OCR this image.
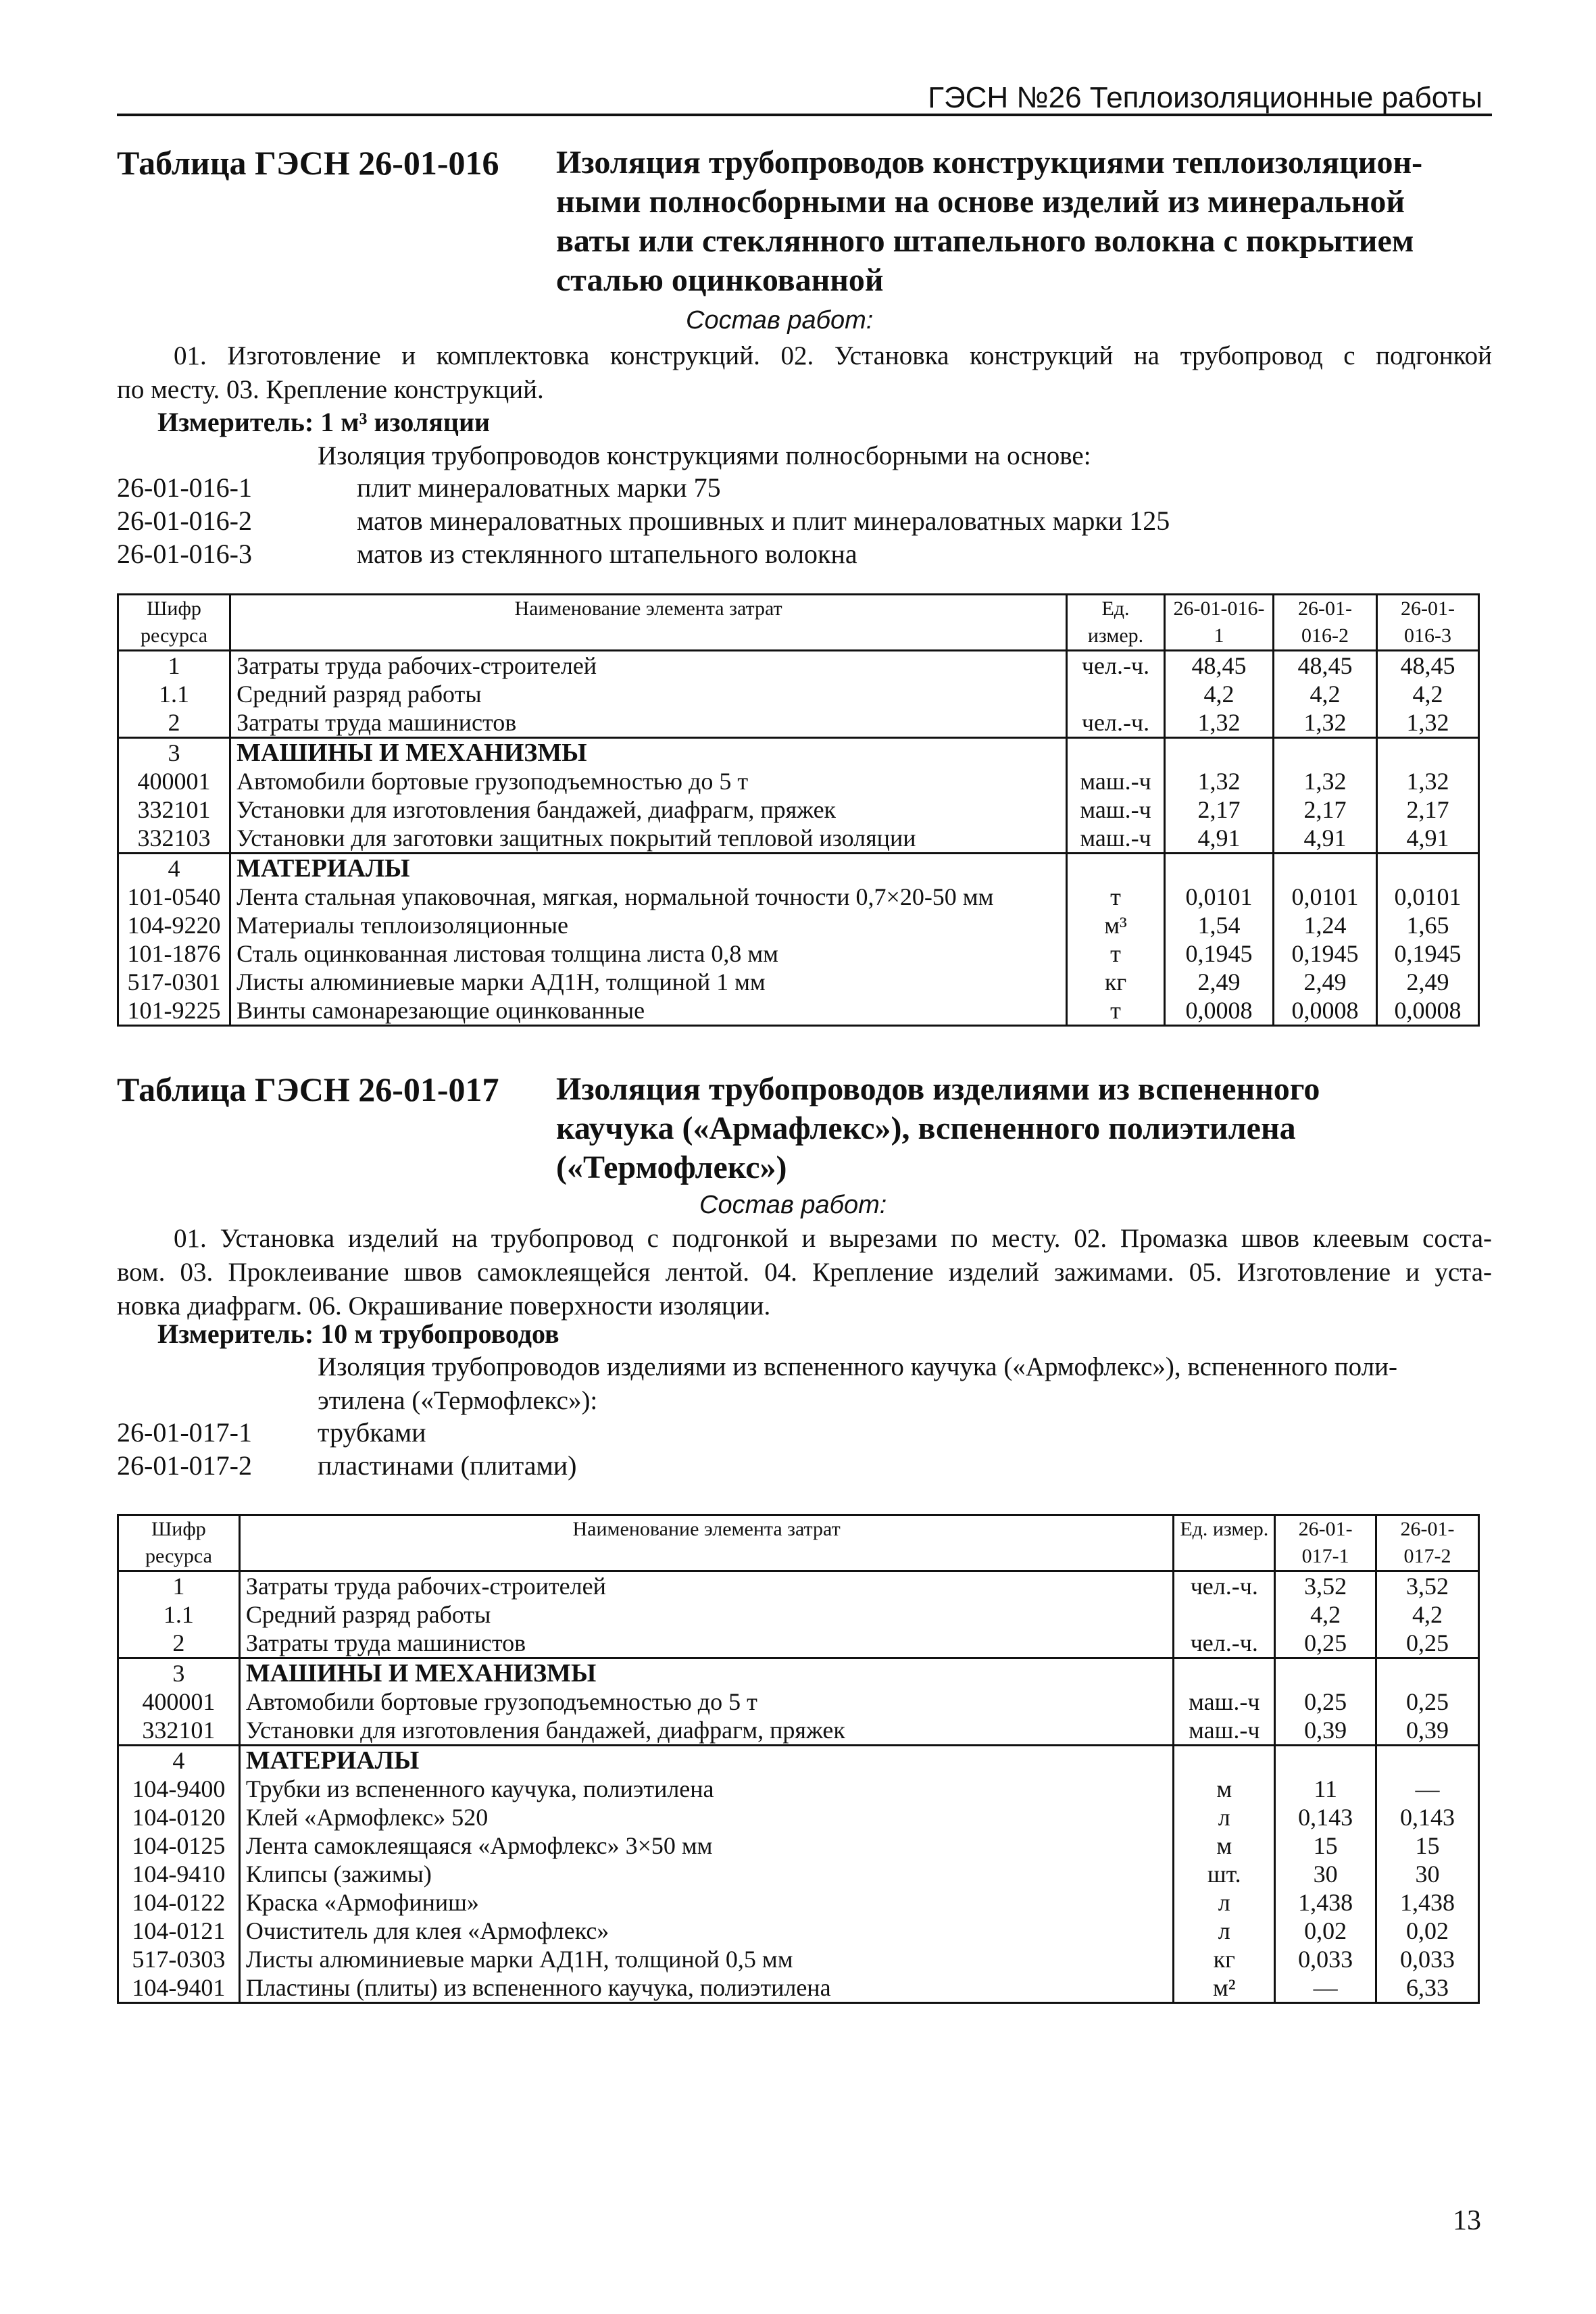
ГЭСН №26 Теплоизоляционные работы
Таблица ГЭСН 26-01-016 Изоляция трубопроводов конструкциями теплоизоляцион-
ными полносборными на основе изделий из минеральной
ваты или стеклянного штапельного волокна с покрытием
сталью оцинкованной
Состав работ:
01. Изготовление и комплектовка конструкций. 02. Установка конструкций на трубопровод с подгонкой
по месту. 03. Крепление конструкций.
Измеритель: 1 м³ изоляции
Изоляция трубопроводов конструкциями полносборными на основе:
26-01-016-1	плит минераловатных марки 75
26-01-016-2	матов минераловатных прошивных и плит минераловатных марки 125
26-01-016-3	матов из стеклянного штапельного волокна
Шифр ресурса	Наименование элемента затрат	Ед. измер.	26-01-016-1	26-01-016-2	26-01-016-3
1	Затраты труда рабочих-строителей	чел.-ч.	48,45	48,45	48,45
1.1	Средний разряд работы		4,2	4,2	4,2
2	Затраты труда машинистов	чел.-ч.	1,32	1,32	1,32
3	МАШИНЫ И МЕХАНИЗМЫ				
400001	Автомобили бортовые грузоподъемностью до 5 т	маш.-ч	1,32	1,32	1,32
332101	Установки для изготовления бандажей, диафрагм, пряжек	маш.-ч	2,17	2,17	2,17
332103	Установки для заготовки защитных покрытий тепловой изоляции	маш.-ч	4,91	4,91	4,91
4	МАТЕРИАЛЫ				
101-0540	Лента стальная упаковочная, мягкая, нормальной точности 0,7×20-50 мм	т	0,0101	0,0101	0,0101
104-9220	Материалы теплоизоляционные	м³	1,54	1,24	1,65
101-1876	Сталь оцинкованная листовая толщина листа 0,8 мм	т	0,1945	0,1945	0,1945
517-0301	Листы алюминиевые марки АД1Н, толщиной 1 мм	кг	2,49	2,49	2,49
101-9225	Винты самонарезающие оцинкованные	т	0,0008	0,0008	0,0008
Таблица ГЭСН 26-01-017 Изоляция трубопроводов изделиями из вспененного
каучука («Армафлекс»), вспененного полиэтилена
(«Термофлекс»)
Состав работ:
01. Установка изделий на трубопровод с подгонкой и вырезами по месту. 02. Промазка швов клеевым соста-
вом. 03. Проклеивание швов самоклеящейся лентой. 04. Крепление изделий зажимами. 05. Изготовление и уста-
новка диафрагм. 06. Окрашивание поверхности изоляции.
Измеритель: 10 м трубопроводов
Изоляция трубопроводов изделиями из вспененного каучука («Армофлекс»), вспененного поли-
этилена («Термофлекс»):
26-01-017-1 трубками
26-01-017-2 пластинами (плитами)
Шифр ресурса	Наименование элемента затрат	Ед. измер.	26-01-017-1	26-01-017-2
1	Затраты труда рабочих-строителей	чел.-ч.	3,52	3,52
1.1	Средний разряд работы		4,2	4,2
2	Затраты труда машинистов	чел.-ч.	0,25	0,25
3	МАШИНЫ И МЕХАНИЗМЫ			
400001	Автомобили бортовые грузоподъемностью до 5 т	маш.-ч	0,25	0,25
332101	Установки для изготовления бандажей, диафрагм, пряжек	маш.-ч	0,39	0,39
4	МАТЕРИАЛЫ			
104-9400	Трубки из вспененного каучука, полиэтилена	м	11	—
104-0120	Клей «Армофлекс» 520	л	0,143	0,143
104-0125	Лента самоклеящаяся «Армофлекс» 3×50 мм	м	15	15
104-9410	Клипсы (зажимы)	шт.	30	30
104-0122	Краска «Армофиниш»	л	1,438	1,438
104-0121	Очиститель для клея «Армофлекс»	л	0,02	0,02
517-0303	Листы алюминиевые марки АД1Н, толщиной 0,5 мм	кг	0,033	0,033
104-9401	Пластины (плиты) из вспененного каучука, полиэтилена	м²	—	6,33
13
